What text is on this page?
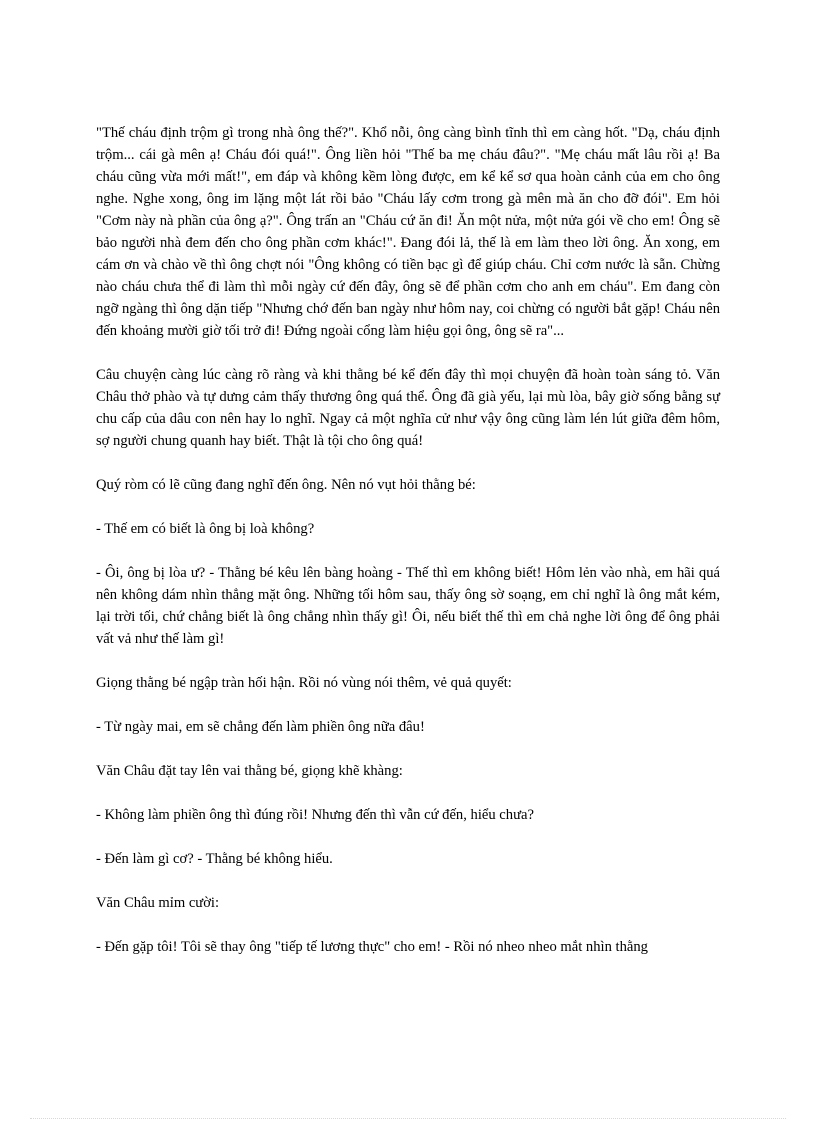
"Thế cháu định trộm gì trong nhà ông thế?". Khổ nỗi, ông càng bình tĩnh thì em càng hốt. "Dạ, cháu định trộm... cái gà mên ạ! Cháu đói quá!". Ông liền hỏi "Thế ba mẹ cháu đâu?". "Mẹ cháu mất lâu rồi ạ! Ba cháu cũng vừa mới mất!", em đáp và không kềm lòng được, em kể kể sơ qua hoàn cảnh của em cho ông nghe. Nghe xong, ông im lặng một lát rồi bảo "Cháu lấy cơm trong gà mên mà ăn cho đỡ đói". Em hỏi "Cơm này nà phần của ông ạ?". Ông trấn an "Cháu cứ ăn đi! Ăn một nửa, một nửa gói về cho em! Ông sẽ bảo người nhà đem đến cho ông phần cơm khác!". Đang đói lả, thế là em làm theo lời ông. Ăn xong, em cám ơn và chào về thì ông chợt nói "Ông không có tiền bạc gì để giúp cháu. Chỉ cơm nước là sẵn. Chừng nào cháu chưa thể đi làm thì mỗi ngày cứ đến đây, ông sẽ để phần cơm cho anh em cháu". Em đang còn ngỡ ngàng thì ông dặn tiếp "Nhưng chớ đến ban ngày như hôm nay, coi chừng có người bắt gặp! Cháu nên đến khoảng mười giờ tối trở đi! Đứng ngoài cổng làm hiệu gọi ông, ông sẽ ra"...

Câu chuyện càng lúc càng rõ ràng và khi thằng bé kể đến đây thì mọi chuyện đã hoàn toàn sáng tỏ. Văn Châu thở phào và tự dưng cảm thấy thương ông quá thể. Ông đã già yếu, lại mù lòa, bây giờ sống bằng sự chu cấp của dâu con nên hay lo nghĩ. Ngay cả một nghĩa cử như vậy ông cũng làm lén lút giữa đêm hôm, sợ người chung quanh hay biết. Thật là tội cho ông quá!

Quý ròm có lẽ cũng đang nghĩ đến ông. Nên nó vụt hỏi thằng bé:

- Thế em có biết là ông bị loà không?

- Ôi, ông bị lòa ư? - Thằng bé kêu lên bàng hoàng - Thế thì em không biết! Hôm lẻn vào nhà, em hãi quá nên không dám nhìn thẳng mặt ông. Những tối hôm sau, thấy ông sờ soạng, em chỉ nghĩ là ông mắt kém, lại trời tối, chứ chẳng biết là ông chẳng nhìn thấy gì! Ôi, nếu biết thế thì em chả nghe lời ông để ông phải vất vả như thế làm gì!

Giọng thằng bé ngập tràn hối hận. Rồi nó vùng nói thêm, vẻ quả quyết:

- Từ ngày mai, em sẽ chẳng đến làm phiền ông nữa đâu!

Văn Châu đặt tay lên vai thằng bé, giọng khẽ khàng:

- Không làm phiền ông thì đúng rồi! Nhưng đến thì vẫn cứ đến, hiểu chưa?

- Đến làm gì cơ? - Thằng bé không hiểu.

Văn Châu mỉm cười:

- Đến gặp tôi! Tôi sẽ thay ông "tiếp tế lương thực" cho em! - Rồi nó nheo nheo mắt nhìn thằng
